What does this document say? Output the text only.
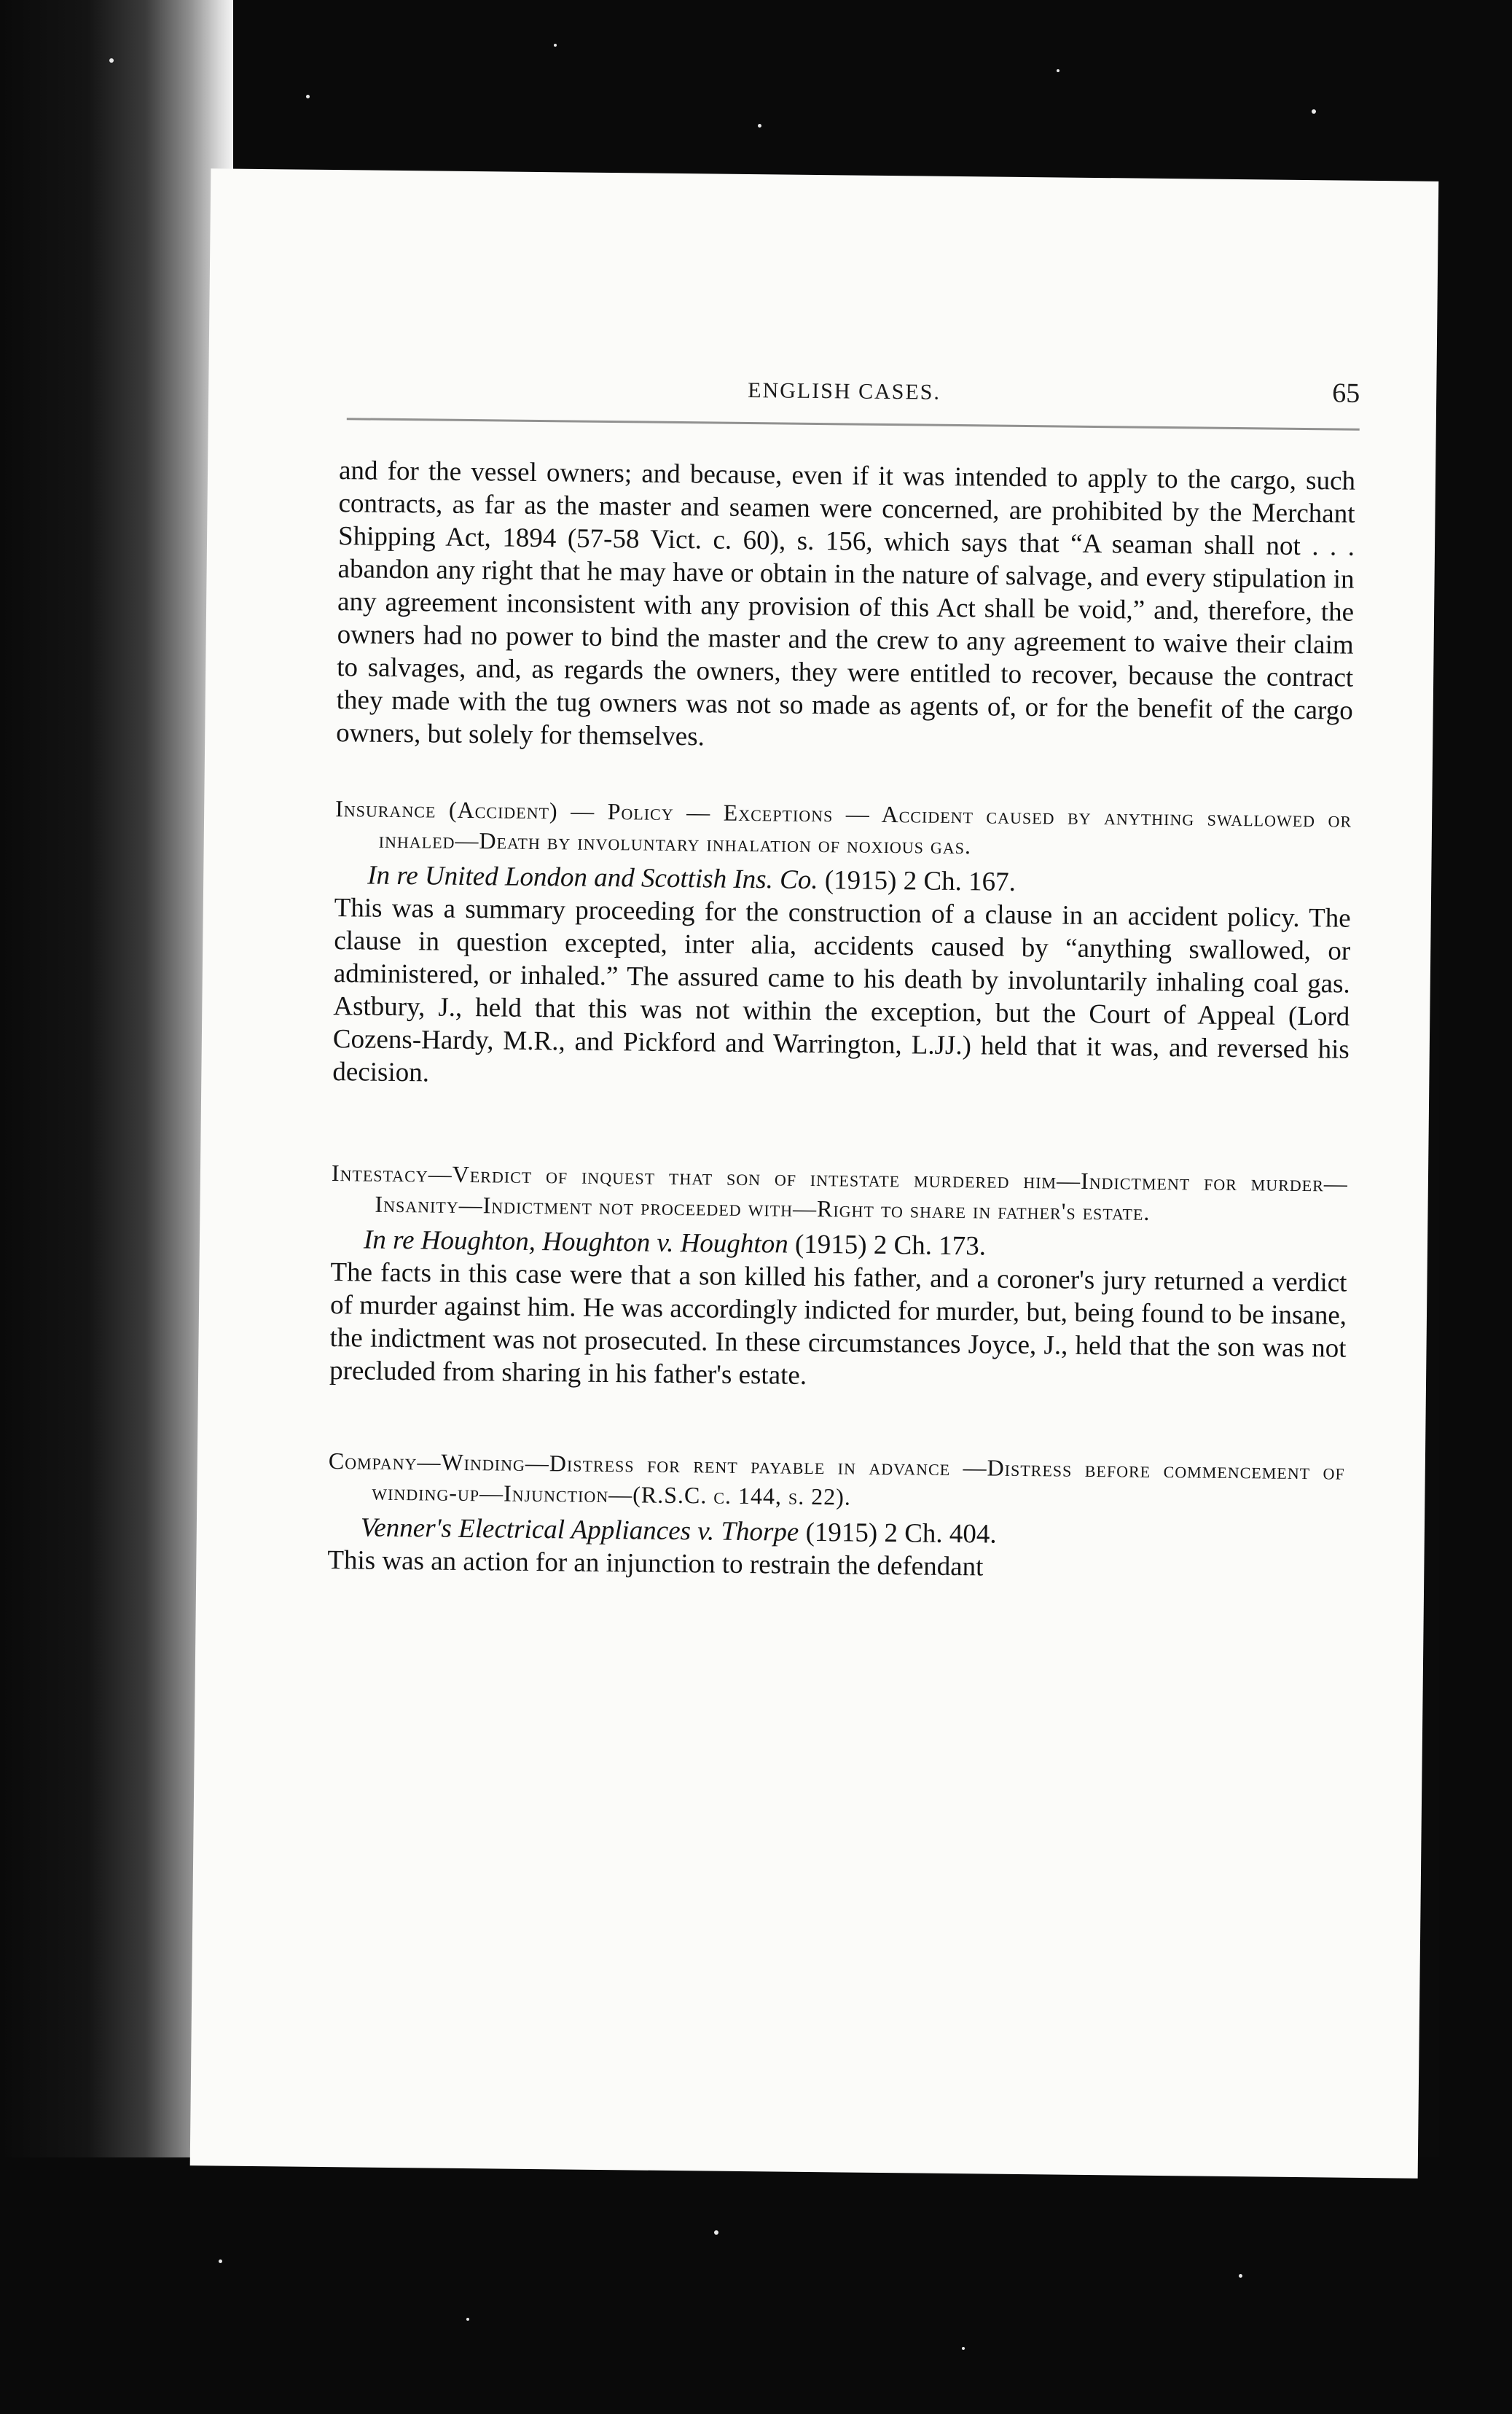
ENGLISH CASES.	65

and for the vessel owners; and because, even if it was intended to apply to the cargo, such contracts, as far as the master and seamen were concerned, are prohibited by the Merchant Shipping Act, 1894 (57-58 Vict. c. 60), s. 156, which says that “A seaman shall not . . . abandon any right that he may have or obtain in the nature of salvage, and every stipulation in any agreement inconsistent with any provision of this Act shall be void,” and, therefore, the owners had no power to bind the master and the crew to any agreement to waive their claim to salvages, and, as regards the owners, they were entitled to recover, because the contract they made with the tug owners was not so made as agents of, or for the benefit of the cargo owners, but solely for themselves.

Insurance (Accident) — Policy — Exceptions — Accident caused by anything swallowed or inhaled—Death by involuntary inhalation of noxious gas.

In re United London and Scottish Ins. Co. (1915) 2 Ch. 167.

This was a summary proceeding for the construction of a clause in an accident policy. The clause in question excepted, inter alia, accidents caused by “anything swallowed, or administered, or inhaled.” The assured came to his death by involuntarily inhaling coal gas. Astbury, J., held that this was not within the exception, but the Court of Appeal (Lord Cozens-Hardy, M.R., and Pickford and Warrington, L.JJ.) held that it was, and reversed his decision.

Intestacy—Verdict of inquest that son of intestate murdered him—Indictment for murder—Insanity—Indictment not proceeded with—Right to share in father's estate.

In re Houghton, Houghton v. Houghton (1915) 2 Ch. 173.

The facts in this case were that a son killed his father, and a coroner's jury returned a verdict of murder against him. He was accordingly indicted for murder, but, being found to be insane, the indictment was not prosecuted. In these circumstances Joyce, J., held that the son was not precluded from sharing in his father's estate.

Company—Winding—Distress for rent payable in advance —Distress before commencement of winding-up—Injunction—(R.S.C. c. 144, s. 22).

Venner's Electrical Appliances v. Thorpe (1915) 2 Ch. 404.

This was an action for an injunction to restrain the defendant
